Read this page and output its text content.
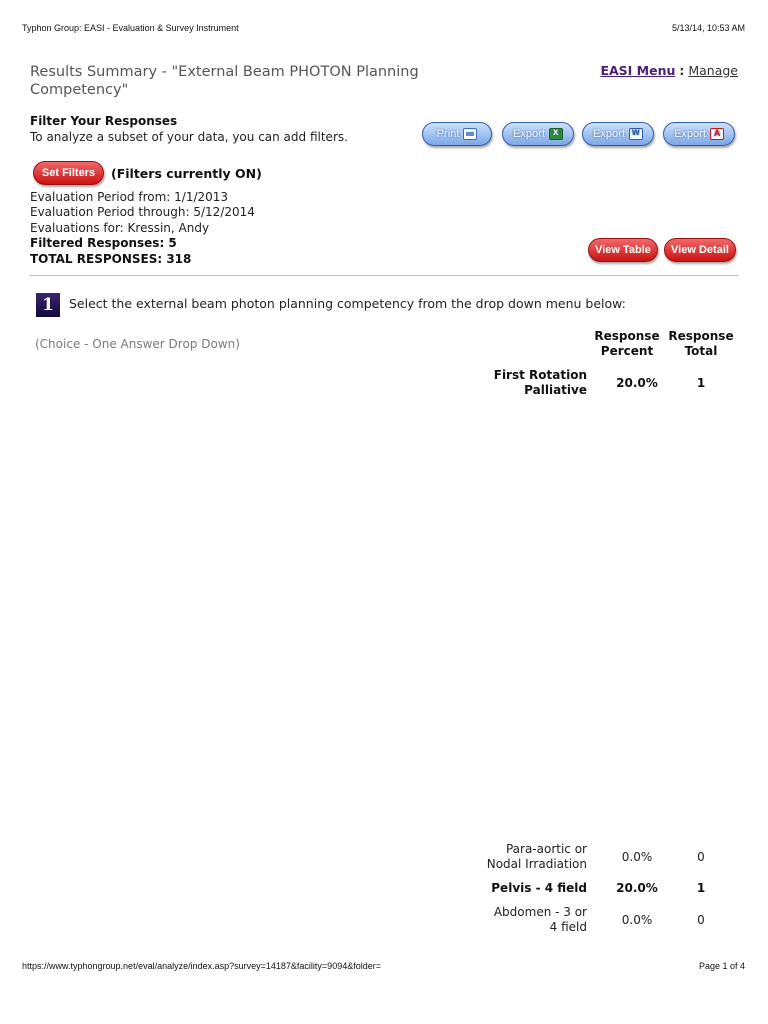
Typhon Group: EASI - Evaluation & Survey Instrument	5/13/14, 10:53 AM
Results Summary - "External Beam PHOTON Planning Competency"
EASI Menu : Manage
Filter Your Responses
To analyze a subset of your data, you can add filters.	Print	Export x	Export w	Export
A
Set Filters	(Filters currently ON)
Evaluation Period from: 1/1/2013
Evaluation Period through: 5/12/2014
Evaluations for: Kressin, Andy
Filtered Responses: 5
TOTAL RESPONSES: 318
View Table	View Detail
1	Select the external beam photon planning competency from the drop down menu below:
(Choice - One Answer Drop Down)
Response
Percent
Response
Total
First Rotation
Palliative	20.0%	1
Para-aortic or
Nodal Irradiation	0.0%	0
Pelvis - 4 field	20.0%	1
Abdomen - 3 or
4 field	0.0%	0
https://www.typhongroup.net/eval/analyze/index.asp?survey=14187&facility=9094&folder=	Page 1 of 4
